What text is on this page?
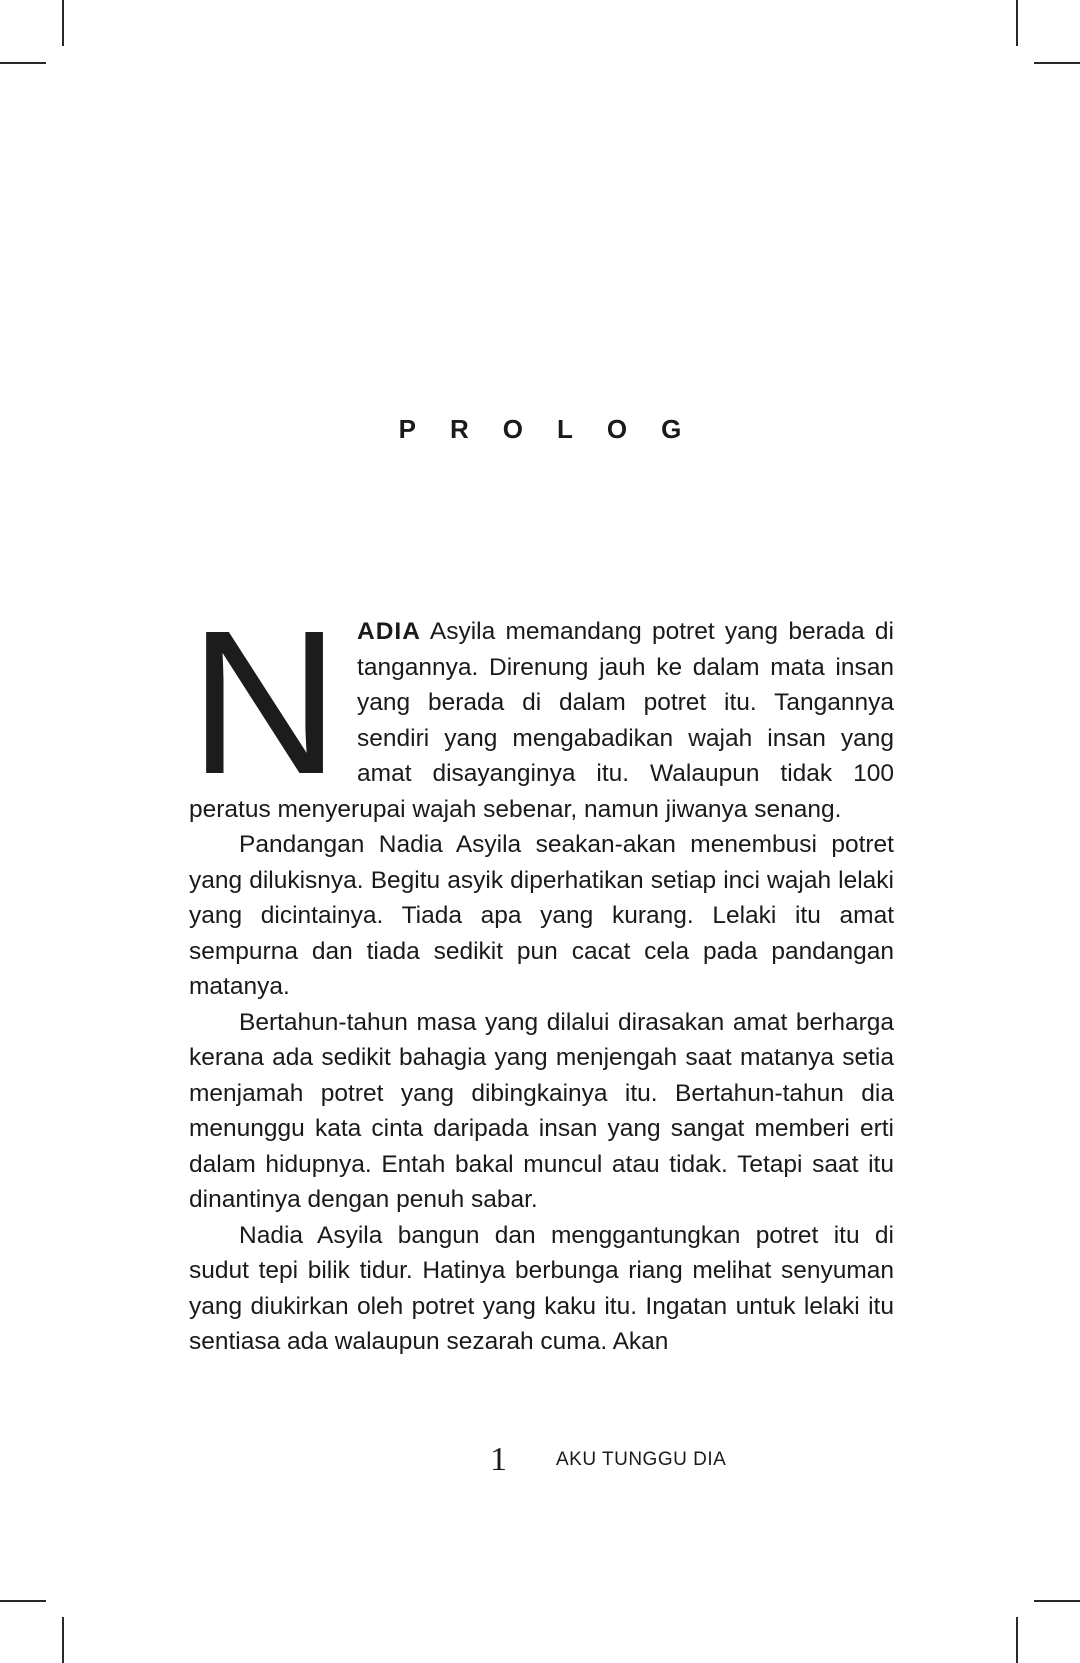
PROLOG

NADIA Asyila memandang potret yang berada di tangannya. Direnung jauh ke dalam mata insan yang berada di dalam potret itu. Tangannya sendiri yang mengabadikan wajah insan yang amat disayanginya itu. Walaupun tidak 100 peratus menyerupai wajah sebenar, namun jiwanya senang.

Pandangan Nadia Asyila seakan-akan menembusi potret yang dilukisnya. Begitu asyik diperhatikan setiap inci wajah lelaki yang dicintainya. Tiada apa yang kurang. Lelaki itu amat sempurna dan tiada sedikit pun cacat cela pada pandangan matanya.

Bertahun-tahun masa yang dilalui dirasakan amat berharga kerana ada sedikit bahagia yang menjengah saat matanya setia menjamah potret yang dibingkainya itu. Bertahun-tahun dia menunggu kata cinta daripada insan yang sangat memberi erti dalam hidupnya. Entah bakal muncul atau tidak. Tetapi saat itu dinantinya dengan penuh sabar.

Nadia Asyila bangun dan menggantungkan potret itu di sudut tepi bilik tidur. Hatinya berbunga riang melihat senyuman yang diukirkan oleh potret yang kaku itu. Ingatan untuk lelaki itu sentiasa ada walaupun sezarah cuma. Akan

1	AKU TUNGGU DIA
